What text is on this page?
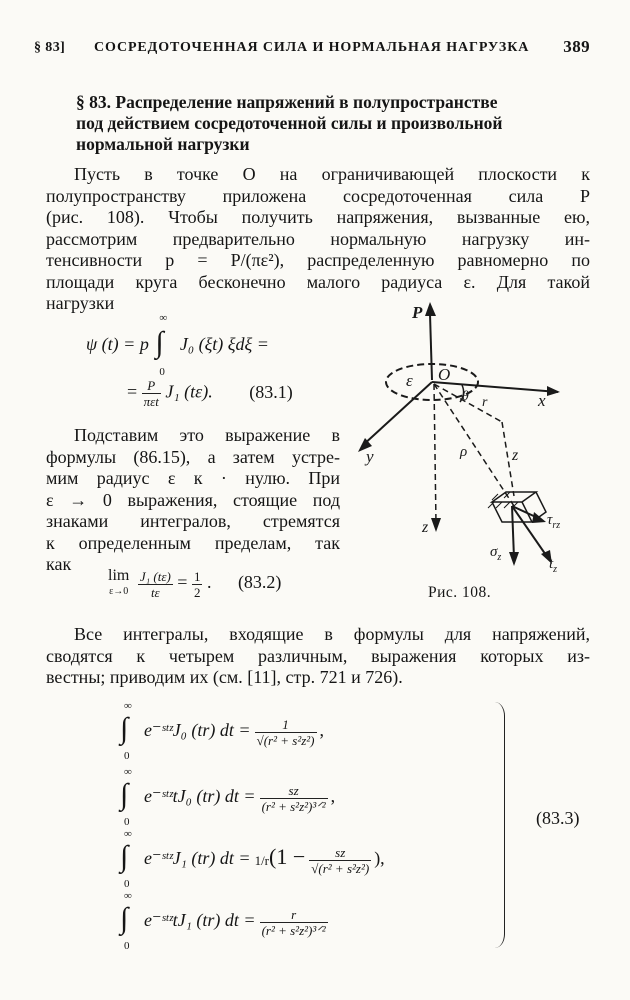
§ 83] СОСРЕДОТОЧЕННАЯ СИЛА И НОРМАЛЬНАЯ НАГРУЗКА 389
§ 83. Распределение напряжений в полупространстве
под действием сосредоточенной силы и произвольной
нормальной нагрузки
Пусть в точке O на ограничивающей плоскости к
полупространству приложена сосредоточенная сила P
(рис. 108). Чтобы получить напряжения, вызванные ею,
рассмотрим предварительно нормальную нагрузку ин-
тенсивности p = P/(πε²), распределенную равномерно по
площади круга бесконечно малого радиуса ε. Для такой
нагрузки
ψ (t) = p
∞
∫
0
J₀ (ξt) ξdξ =
= $\frac{P}{\text{πεt}} J_1$ (tε). (83.1)
Подставим это выражение в
формулы (86.15), а затем устре-
мим радиус ε к · нулю. При
ε → 0 выражения, стоящие под
знаками интегралов, стремятся
к определенным пределам, так
как
lim
ε→0
$\frac{\text{J₁ (tε)}}{t\varepsilon} = \frac{1}{2}$ . (83.2)
P
O
ε
θ r	x
y	ρ	z
z	$\tau_{rz}$
$\sigma_z$	$t_z$
Рис. 108.
Все интегралы, входящие в формулы для напряжений,
сводятся к четырем различным, выражения которых из-
вестны; приводим их (см. [11], стр. 721 и 726).
∞
∫
0
e⁻ˢᵗᶻJ₀ (tr) dt = $\frac{1}{\text{√(r² + s²z²)}}$ ,
∞
∫
0
e⁻ˢᵗᶻtJ₀ (tr) dt = $\frac{sz}{\text{(r² + s²z²)³ᐟ²}}$ ,
∞
∫
0
e⁻ˢᵗᶻJ₁ (tr) dt = $1/r(1 - \frac{sz}{\text{√(r² + s²z²)}}$ ),
∞
∫
0
e⁻ˢᵗᶻtJ₁ (tr) dt = $\frac{r}{\text{(r² + s²z²)³ᐟ²}}$
(83.3)
